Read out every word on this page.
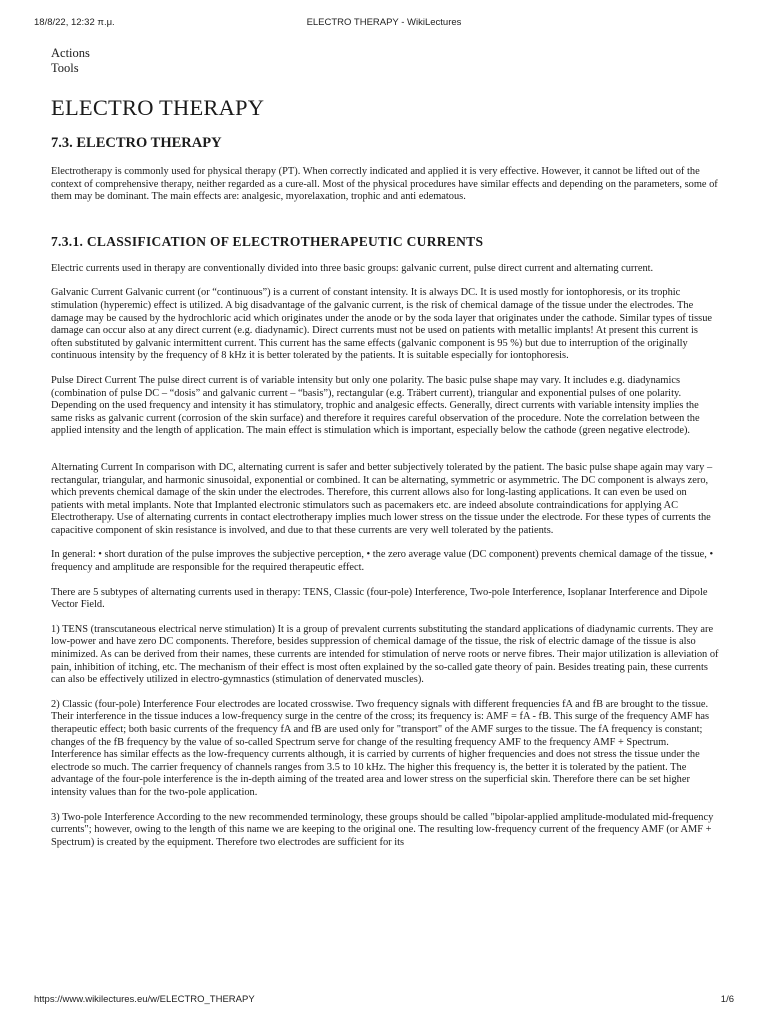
18/8/22, 12:32 π.μ.	ELECTRO THERAPY - WikiLectures
Actions
Tools
ELECTRO THERAPY
7.3. ELECTRO THERAPY

Electrotherapy is commonly used for physical therapy (PT). When correctly indicated and applied it is very effective. However, it cannot be lifted out of the context of comprehensive therapy, neither regarded as a cure-all. Most of the physical procedures have similar effects and depending on the parameters, some of them may be dominant. The main effects are: analgesic, myorelaxation, trophic and anti edematous.

7.3.1. CLASSIFICATION OF ELECTROTHERAPEUTIC CURRENTS

Electric currents used in therapy are conventionally divided into three basic groups: galvanic current, pulse direct current and alternating current.

Galvanic Current Galvanic current (or “continuous”) is a current of constant intensity. It is always DC. It is used mostly for iontophoresis, or its trophic stimulation (hyperemic) effect is utilized. A big disadvantage of the galvanic current, is the risk of chemical damage of the tissue under the electrodes. The damage may be caused by the hydrochloric acid which originates under the anode or by the soda layer that originates under the cathode. Similar types of tissue damage can occur also at any direct current (e.g. diadynamic). Direct currents must not be used on patients with metallic implants! At present this current is often substituted by galvanic intermittent current. This current has the same effects (galvanic component is 95 %) but due to interruption of the originally continuous intensity by the frequency of 8 kHz it is better tolerated by the patients. It is suitable especially for iontophoresis.

Pulse Direct Current The pulse direct current is of variable intensity but only one polarity. The basic pulse shape may vary. It includes e.g. diadynamics (combination of pulse DC – “dosis” and galvanic current – “basis”), rectangular (e.g. Träbert current), triangular and exponential pulses of one polarity. Depending on the used frequency and intensity it has stimulatory, trophic and analgesic effects. Generally, direct currents with variable intensity implies the same risks as galvanic current (corrosion of the skin surface) and therefore it requires careful observation of the procedure. Note the correlation between the applied intensity and the length of application. The main effect is stimulation which is important, especially below the cathode (green negative electrode).

Alternating Current In comparison with DC, alternating current is safer and better subjectively tolerated by the patient. The basic pulse shape again may vary – rectangular, triangular, and harmonic sinusoidal, exponential or combined. It can be alternating, symmetric or asymmetric. The DC component is always zero, which prevents chemical damage of the skin under the electrodes. Therefore, this current allows also for long-lasting applications. It can even be used on patients with metal implants. Note that Implanted electronic stimulators such as pacemakers etc. are indeed absolute contraindications for applying AC Electrotherapy. Use of alternating currents in contact electrotherapy implies much lower stress on the tissue under the electrode. For these types of currents the capacitive component of skin resistance is involved, and due to that these currents are very well tolerated by the patients.

In general: • short duration of the pulse improves the subjective perception, • the zero average value (DC component) prevents chemical damage of the tissue, • frequency and amplitude are responsible for the required therapeutic effect.

There are 5 subtypes of alternating currents used in therapy: TENS, Classic (four-pole) Interference, Two-pole Interference, Isoplanar Interference and Dipole Vector Field.

1) TENS (transcutaneous electrical nerve stimulation) It is a group of prevalent currents substituting the standard applications of diadynamic currents. They are low-power and have zero DC components. Therefore, besides suppression of chemical damage of the tissue, the risk of electric damage of the tissue is also minimized. As can be derived from their names, these currents are intended for stimulation of nerve roots or nerve fibres. Their major utilization is alleviation of pain, inhibition of itching, etc. The mechanism of their effect is most often explained by the so-called gate theory of pain. Besides treating pain, these currents can also be effectively utilized in electro-gymnastics (stimulation of denervated muscles).

2) Classic (four-pole) Interference Four electrodes are located crosswise. Two frequency signals with different frequencies fA and fB are brought to the tissue. Their interference in the tissue induces a low-frequency surge in the centre of the cross; its frequency is: AMF = fA - fB. This surge of the frequency AMF has therapeutic effect; both basic currents of the frequency fA and fB are used only for "transport" of the AMF surges to the tissue. The fA frequency is constant; changes of the fB frequency by the value of so-called Spectrum serve for change of the resulting frequency AMF to the frequency AMF + Spectrum. Interference has similar effects as the low-frequency currents although, it is carried by currents of higher frequencies and does not stress the tissue under the electrode so much. The carrier frequency of channels ranges from 3.5 to 10 kHz. The higher this frequency is, the better it is tolerated by the patient. The advantage of the four-pole interference is the in-depth aiming of the treated area and lower stress on the superficial skin. Therefore there can be set higher intensity values than for the two-pole application.

3) Two-pole Interference According to the new recommended terminology, these groups should be called "bipolar-applied amplitude-modulated mid-frequency currents"; however, owing to the length of this name we are keeping to the original one. The resulting low-frequency current of the frequency AMF (or AMF + Spectrum) is created by the equipment. Therefore two electrodes are sufficient for its

https://www.wikilectures.eu/w/ELECTRO_THERAPY	1/6
